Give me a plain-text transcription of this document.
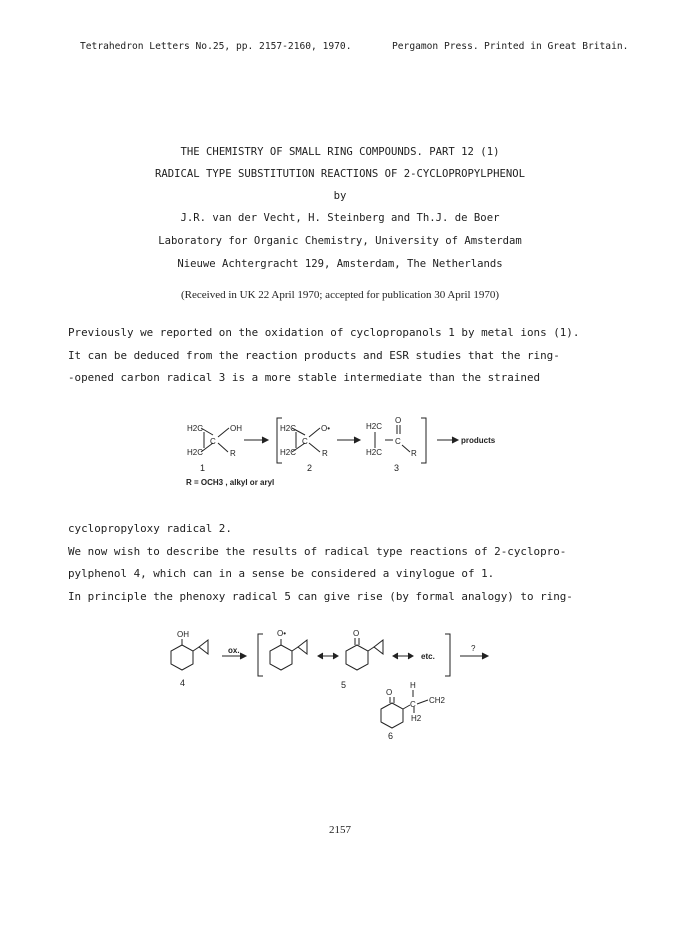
Tetrahedron Letters No.25, pp. 2157-2160, 1970.	Pergamon Press. Printed in Great Britain.
THE CHEMISTRY OF SMALL RING COMPOUNDS. PART 12 (1)
RADICAL TYPE SUBSTITUTION REACTIONS OF 2-CYCLOPROPYLPHENOL
by
J.R. van der Vecht, H. Steinberg and Th.J. de Boer
Laboratory for Organic Chemistry, University of Amsterdam
Nieuwe Achtergracht 129, Amsterdam, The Netherlands
(Received in UK 22 April 1970; accepted for publication 30 April 1970)
Previously we reported on the oxidation of cyclopropanols 1 by metal ions (1).
It can be deduced from the reaction products and ESR studies that the ring-
-opened carbon radical 3 is a more stable intermediate than the strained
H2C	OH
C
H2C	R
H2C	O•
C
H2C	R
H2C
O
C
H2C	R
products
1	2	3
R = OCH3 , alkyl or aryl
cyclopropyloxy radical 2.
We now wish to describe the results of radical type reactions of 2-cyclopro-
pylphenol 4, which can in a sense be considered a vinylogue of 1.
In principle the phenoxy radical 5 can give rise (by formal analogy) to ring-
OH
ox.
O•	O
etc.
?
H
O
C CH2
H2
4	5
6
2157
